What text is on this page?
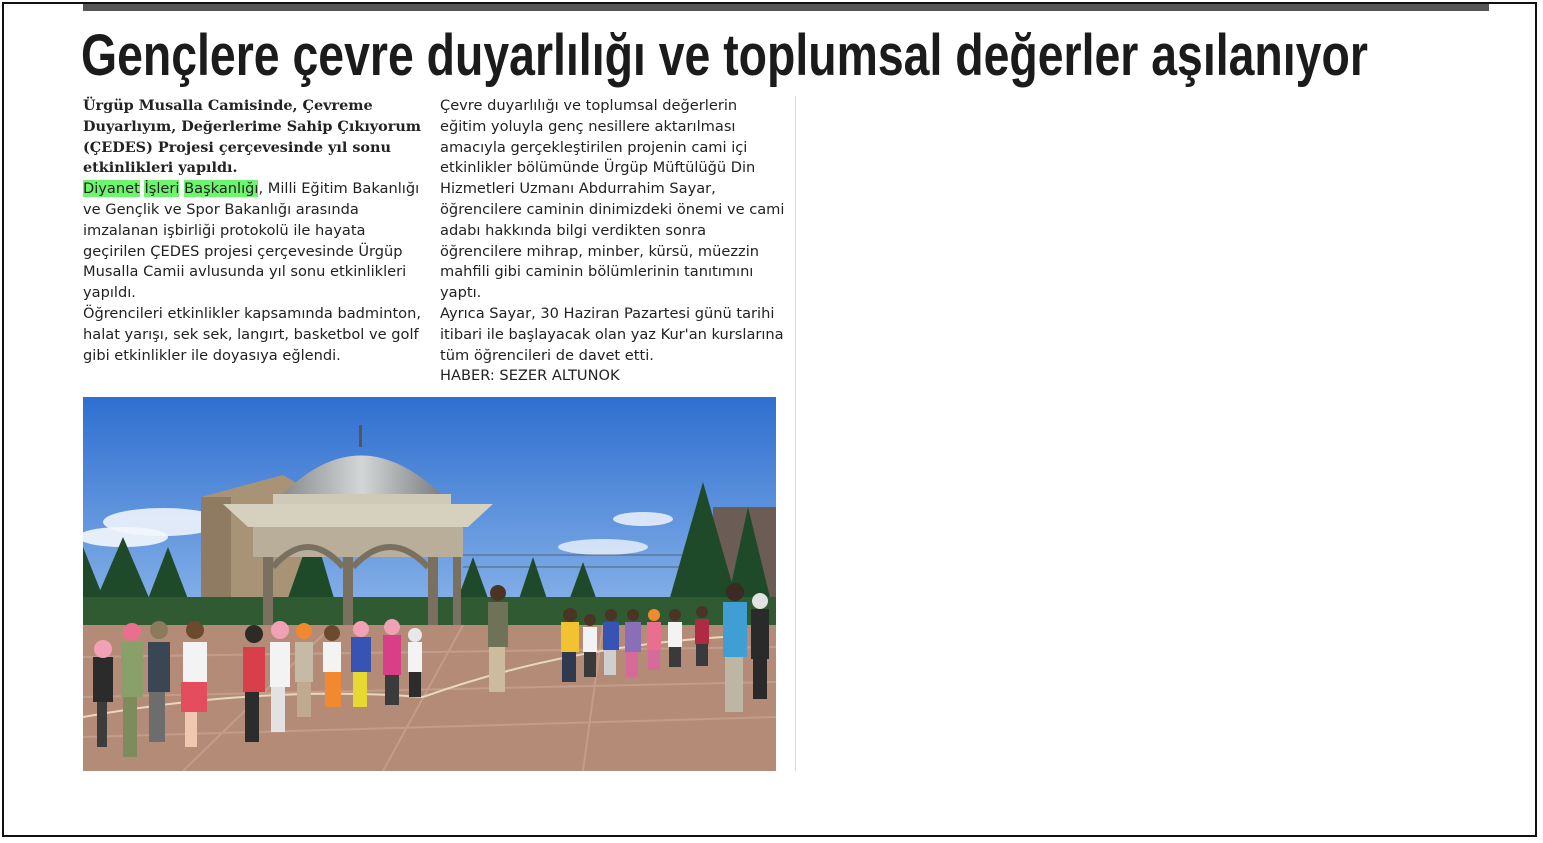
Gençlere çevre duyarlılığı ve toplumsal değerler aşılanıyor

Ürgüp Musalla Camisinde, Çevreme Duyarlıyım, Değerlerime Sahip Çıkıyorum (ÇEDES) Projesi çerçevesinde yıl sonu etkinlikleri yapıldı.

Diyanet İşleri Başkanlığı, Milli Eğitim Bakanlığı ve Gençlik ve Spor Bakanlığı arasında imzalanan işbirliği protokolü ile hayata geçirilen ÇEDES projesi çerçevesinde Ürgüp Musalla Camii avlusunda yıl sonu etkinlikleri yapıldı.

Öğrencileri etkinlikler kapsamında badminton, halat yarışı, sek sek, langırt, basketbol ve golf gibi etkinlikler ile doyasıya eğlendi.

Çevre duyarlılığı ve toplumsal değerlerin eğitim yoluyla genç nesillere aktarılması amacıyla gerçekleştirilen projenin cami içi etkinlikler bölümünde Ürgüp Müftülüğü Din Hizmetleri Uzmanı Abdurrahim Sayar, öğrencilere caminin dinimizdeki önemi ve cami adabı hakkında bilgi verdikten sonra öğrencilere mihrap, minber, kürsü, müezzin mahfili gibi caminin bölümlerinin tanıtımını yaptı.

Ayrıca Sayar, 30 Haziran Pazartesi günü tarihi itibari ile başlayacak olan yaz Kur'an kurslarına tüm öğrencileri de davet etti.

HABER: SEZER ALTUNOK
